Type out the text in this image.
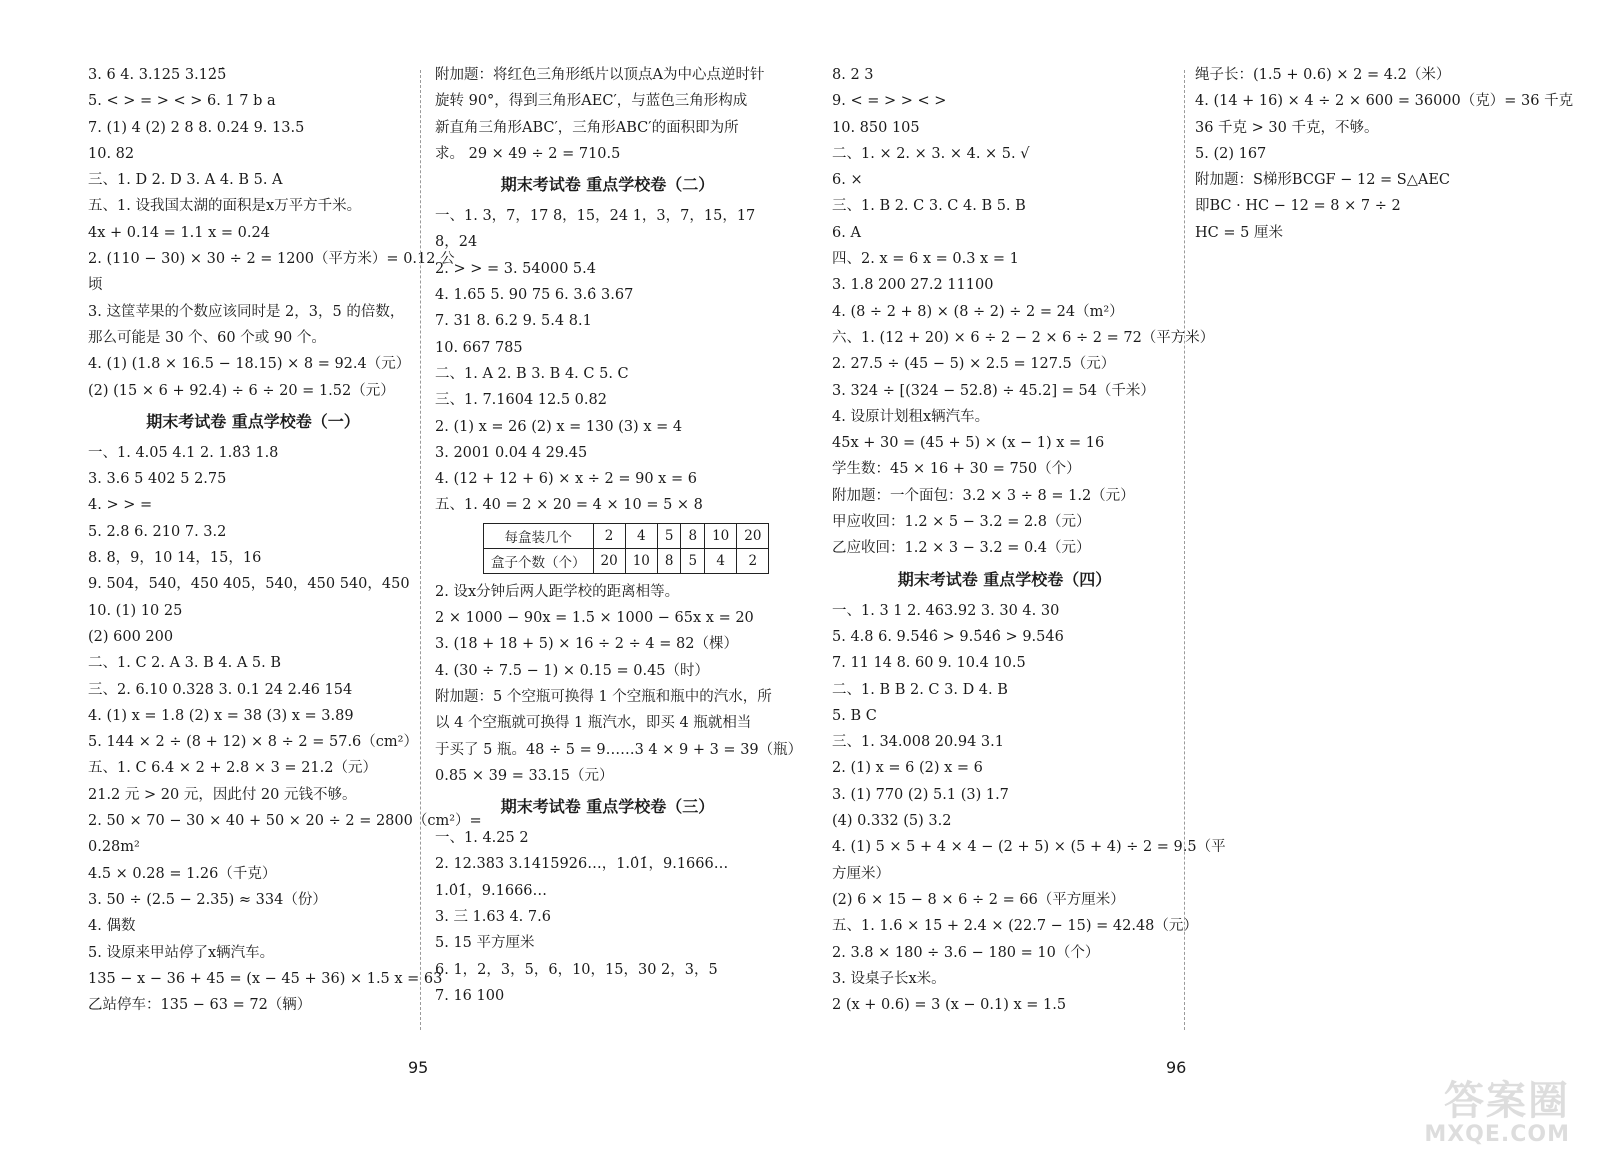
3. 6 4. 3.125 3.12̇5̇
5. < > = > < > 6. 1 7 b a
7. (1) 4 (2) 2 8 8. 0.24 9. 13.5
10. 82
三、1. D 2. D 3. A 4. B 5. A
五、1. 设我国太湖的面积是x万平方千米。
4x + 0.14 = 1.1 x = 0.24
2. (110 − 30) × 30 ÷ 2 = 1200（平方米）= 0.12 公
顷
3. 这筐苹果的个数应该同时是 2，3，5 的倍数，
那么可能是 30 个、60 个或 90 个。
4. (1) (1.8 × 16.5 − 18.15) × 8 = 92.4（元）
(2) (15 × 6 + 92.4) ÷ 6 ÷ 20 = 1.52（元）
期末考试卷 重点学校卷（一）
一、1. 4.05 4.1 2. 1.8̇3̇ 1.8
3. 3.6 5 402 5 2.75
4. > > =
5. 2.8 6. 210 7. 3.2
8. 8，9，10 14，15，16
9. 504，540，450 405，540，450 540，450
10. (1) 10 25
(2) 600 200
二、1. C 2. A 3. B 4. A 5. B
三、2. 6.10 0.328 3. 0.1 24 2.46 154
4. (1) x = 1.8 (2) x = 38 (3) x = 3.89
5. 144 × 2 ÷ (8 + 12) × 8 ÷ 2 = 57.6（cm²）
五、1. C 6.4 × 2 + 2.8 × 3 = 21.2（元）
21.2 元 > 20 元，因此付 20 元钱不够。
2. 50 × 70 − 30 × 40 + 50 × 20 ÷ 2 = 2800（cm²）=
0.28m²
4.5 × 0.28 = 1.26（千克）
3. 50 ÷ (2.5 − 2.35) ≈ 334（份）
4. 偶数
5. 设原来甲站停了x辆汽车。
135 − x − 36 + 45 = (x − 45 + 36) × 1.5 x = 63
乙站停车：135 − 63 = 72（辆）
附加题：将红色三角形纸片以顶点A为中心点逆时针
旋转 90°，得到三角形AEC′，与蓝色三角形构成
新直角三角形ABC′，三角形ABC′的面积即为所
求。 29 × 49 ÷ 2 = 710.5
期末考试卷 重点学校卷（二）
一、1. 3，7，17 8，15，24 1，3，7，15，17
8，24
2. > > = 3. 54000 5.4
4. 1.65 5. 90 75 6. 3.6̇ 3.67
7. 31 8. 6.2 9. 5.4 8.1
10. 667 785
二、1. A 2. B 3. B 4. C 5. C
三、1. 7.1604 12.5 0.82
2. (1) x = 26 (2) x = 130 (3) x = 4
3. 2001 0.04 4 29.45
4. (12 + 12 + 6) × x ÷ 2 = 90 x = 6
五、1. 40 = 2 × 20 = 4 × 10 = 5 × 8
每盒装几个	2	4	5	8	10	20
盒子个数（个）	20	10	8	5	4	2
2. 设x分钟后两人距学校的距离相等。
2 × 1000 − 90x = 1.5 × 1000 − 65x x = 20
3. (18 + 18 + 5) × 16 ÷ 2 ÷ 4 = 82（棵）
4. (30 ÷ 7.5 − 1) × 0.15 = 0.45（时）
附加题：5 个空瓶可换得 1 个空瓶和瓶中的汽水，所
以 4 个空瓶就可换得 1 瓶汽水，即买 4 瓶就相当
于买了 5 瓶。48 ÷ 5 = 9……3 4 × 9 + 3 = 39（瓶）
0.85 × 39 = 33.15（元）
期末考试卷 重点学校卷（三）
一、1. 4.25 2
2. 12.383 3.1415926…，1.0̇1̇，9.1666…
1.0̇1̇，9.1666…
3. 三 1.63 4. 7.6
5. 15 平方厘米
6. 1，2，3，5，6，10，15，30 2，3，5
7. 16 100
8. 2 3
9. < = > > < >
10. 850 105
二、1. × 2. × 3. × 4. × 5. √
6. ×
三、1. B 2. C 3. C 4. B 5. B
6. A
四、2. x = 6 x = 0.3 x = 1
3. 1.8 200 27.2 11100
4. (8 ÷ 2 + 8) × (8 ÷ 2) ÷ 2 = 24（m²）
六、1. (12 + 20) × 6 ÷ 2 − 2 × 6 ÷ 2 = 72（平方米）
2. 27.5 ÷ (45 − 5) × 2.5 = 127.5（元）
3. 324 ÷ [(324 − 52.8) ÷ 45.2] = 54（千米）
4. 设原计划租x辆汽车。
45x + 30 = (45 + 5) × (x − 1) x = 16
学生数：45 × 16 + 30 = 750（个）
附加题：一个面包：3.2 × 3 ÷ 8 = 1.2（元）
甲应收回：1.2 × 5 − 3.2 = 2.8（元）
乙应收回：1.2 × 3 − 3.2 = 0.4（元）
期末考试卷 重点学校卷（四）
一、1. 3 1 2. 463.92 3. 30 4. 30
5. 4.8 6. 9.54̇6̇ > 9.5̇46̇ > 9.54̇6
7. 11 14 8. 60 9. 10.4 10.5
二、1. B B 2. C 3. D 4. B
5. B C
三、1. 34.008 20.94 3.1
2. (1) x = 6 (2) x = 6
3. (1) 770 (2) 5.1 (3) 1.7
(4) 0.332 (5) 3.2
4. (1) 5 × 5 + 4 × 4 − (2 + 5) × (5 + 4) ÷ 2 = 9.5（平
方厘米）
(2) 6 × 15 − 8 × 6 ÷ 2 = 66（平方厘米）
五、1. 1.6 × 15 + 2.4 × (22.7 − 15) = 42.48（元）
2. 3.8 × 180 ÷ 3.6 − 180 = 10（个）
3. 设桌子长x米。
2 (x + 0.6) = 3 (x − 0.1) x = 1.5
绳子长：(1.5 + 0.6) × 2 = 4.2（米）
4. (14 + 16) × 4 ÷ 2 × 600 = 36000（克）= 36 千克
36 千克 > 30 千克，不够。
5. (2) 167
附加题：S梯形BCGF − 12 = S△AEC
即BC · HC − 12 = 8 × 7 ÷ 2
HC = 5 厘米
95	96
答案圈
MXQE.COM
